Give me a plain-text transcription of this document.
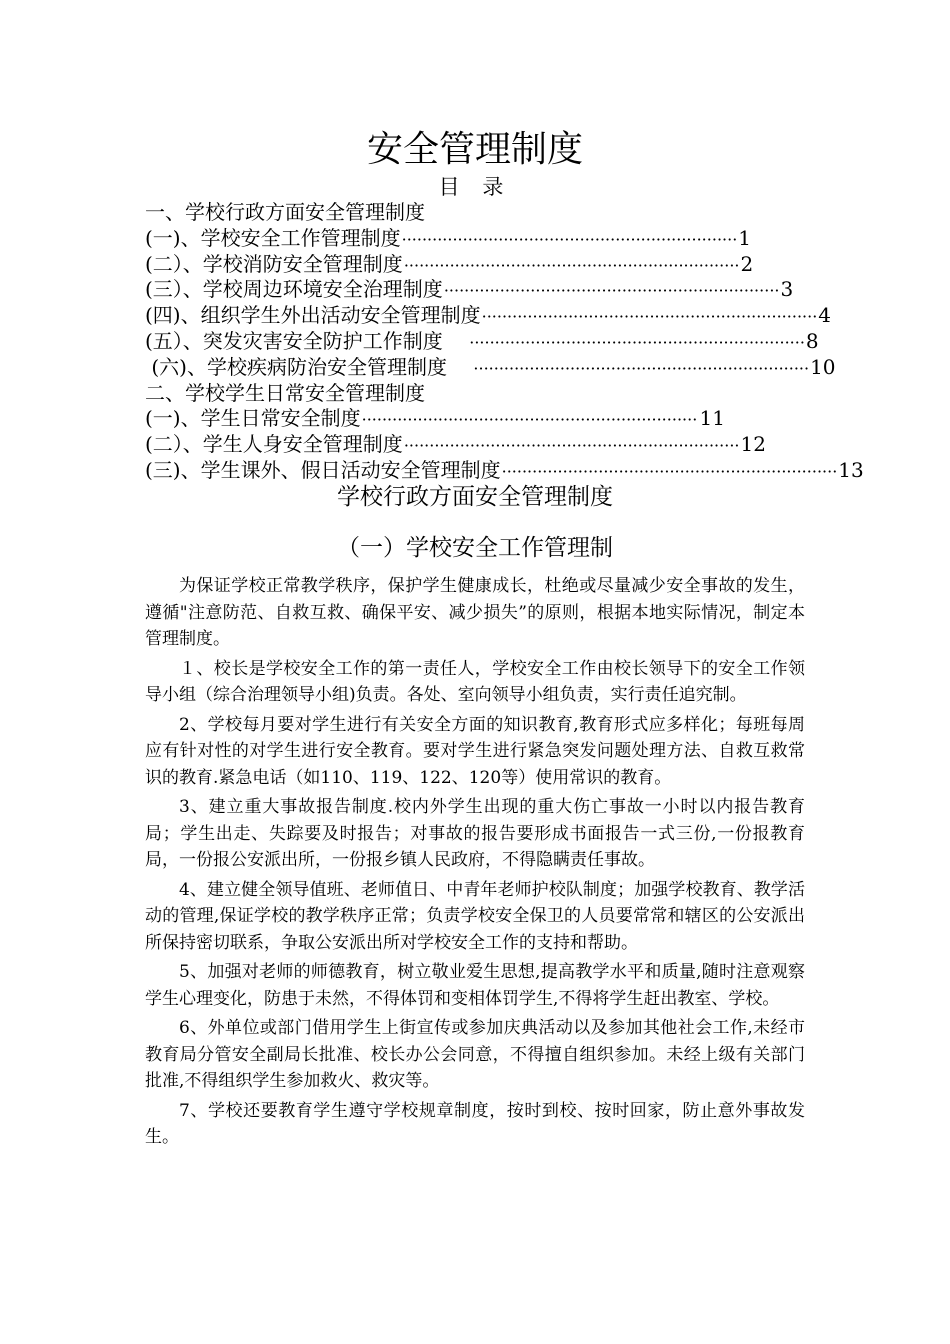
安全管理制度
目 录
一、学校行政方面安全管理制度
(一)、学校安全工作管理制度 ·································································· 1
(二）、学校消防安全管理制度 ·································································· 2
(三）、学校周边环境安全治理制度 ·································································· 3
(四)、组织学生外出活动安全管理制度 ·································································· 4
(五）、突发灾害安全防护工作制度 ·································································· 8
(六)、学校疾病防治安全管理制度 ·································································· 10
二、学校学生日常安全管理制度
(一)、学生日常安全制度 ·································································· 11
(二）、学生人身安全管理制度 ·································································· 12
(三)、学生课外、假日活动安全管理制度 ·································································· 13
学校行政方面安全管理制度
（一）学校安全工作管理制

为保证学校正常教学秩序，保护学生健康成长，杜绝或尽量减少安全事故的发生，遵循"注意防范、自救互救、确保平安、减少损失”的原则，根据本地实际情况，制定本管理制度。

１、校长是学校安全工作的第一责任人，学校安全工作由校长领导下的安全工作领导小组（综合治理领导小组)负责。各处、室向领导小组负责，实行责任追究制。

2、学校每月要对学生进行有关安全方面的知识教育,教育形式应多样化；每班每周应有针对性的对学生进行安全教育。要对学生进行紧急突发问题处理方法、自救互救常识的教育.紧急电话（如110、119、122、120等）使用常识的教育。

3、建立重大事故报告制度.校内外学生出现的重大伤亡事故一小时以内报告教育局；学生出走、失踪要及时报告；对事故的报告要形成书面报告一式三份,一份报教育局，一份报公安派出所，一份报乡镇人民政府，不得隐瞒责任事故。

4、建立健全领导值班、老师值日、中青年老师护校队制度；加强学校教育、教学活动的管理,保证学校的教学秩序正常；负责学校安全保卫的人员要常常和辖区的公安派出所保持密切联系，争取公安派出所对学校安全工作的支持和帮助。

5、加强对老师的师德教育，树立敬业爱生思想,提高教学水平和质量,随时注意观察学生心理变化，防患于未然，不得体罚和变相体罚学生,不得将学生赶出教室、学校。

6、外单位或部门借用学生上街宣传或参加庆典活动以及参加其他社会工作,未经市教育局分管安全副局长批准、校长办公会同意，不得擅自组织参加。未经上级有关部门批准,不得组织学生参加救火、救灾等。

7、学校还要教育学生遵守学校规章制度，按时到校、按时回家，防止意外事故发生。
